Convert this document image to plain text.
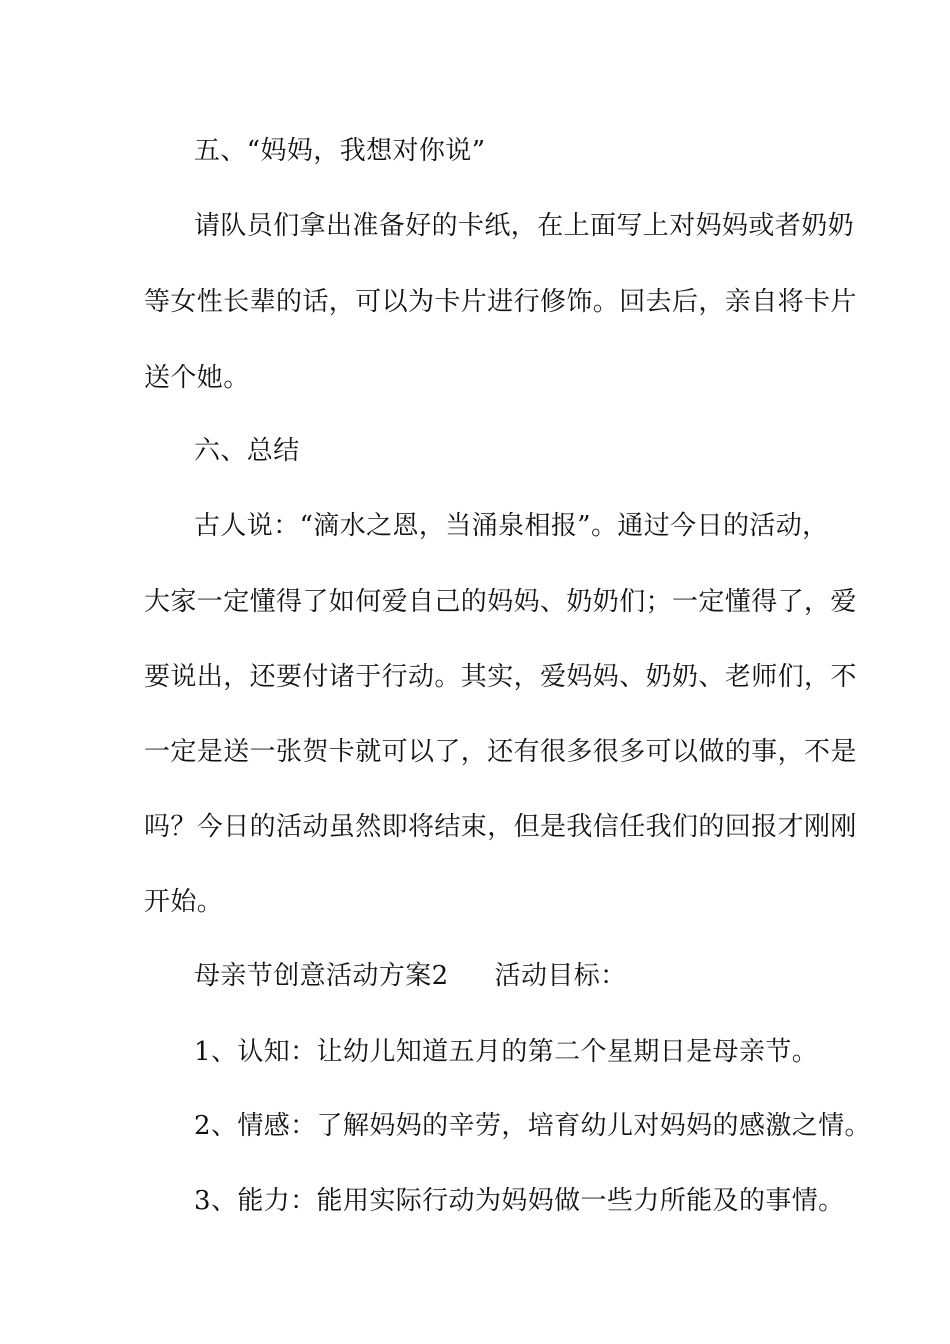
五、“妈妈，我想对你说”
请队员们拿出准备好的卡纸，在上面写上对妈妈或者奶奶
等女性长辈的话，可以为卡片进行修饰。回去后，亲自将卡片
送个她。
六、总结
古人说：“滴水之恩，当涌泉相报”。通过今日的活动，
大家一定懂得了如何爱自己的妈妈、奶奶们；一定懂得了，爱
要说出，还要付诸于行动。其实，爱妈妈、奶奶、老师们，不
一定是送一张贺卡就可以了，还有很多很多可以做的事，不是
吗？今日的活动虽然即将结束，但是我信任我们的回报才刚刚
开始。
母亲节创意活动方案2 活动目标：
1、认知：让幼儿知道五月的第二个星期日是母亲节。
2、情感：了解妈妈的辛劳，培育幼儿对妈妈的感激之情。
3、能力：能用实际行动为妈妈做一些力所能及的事情。
